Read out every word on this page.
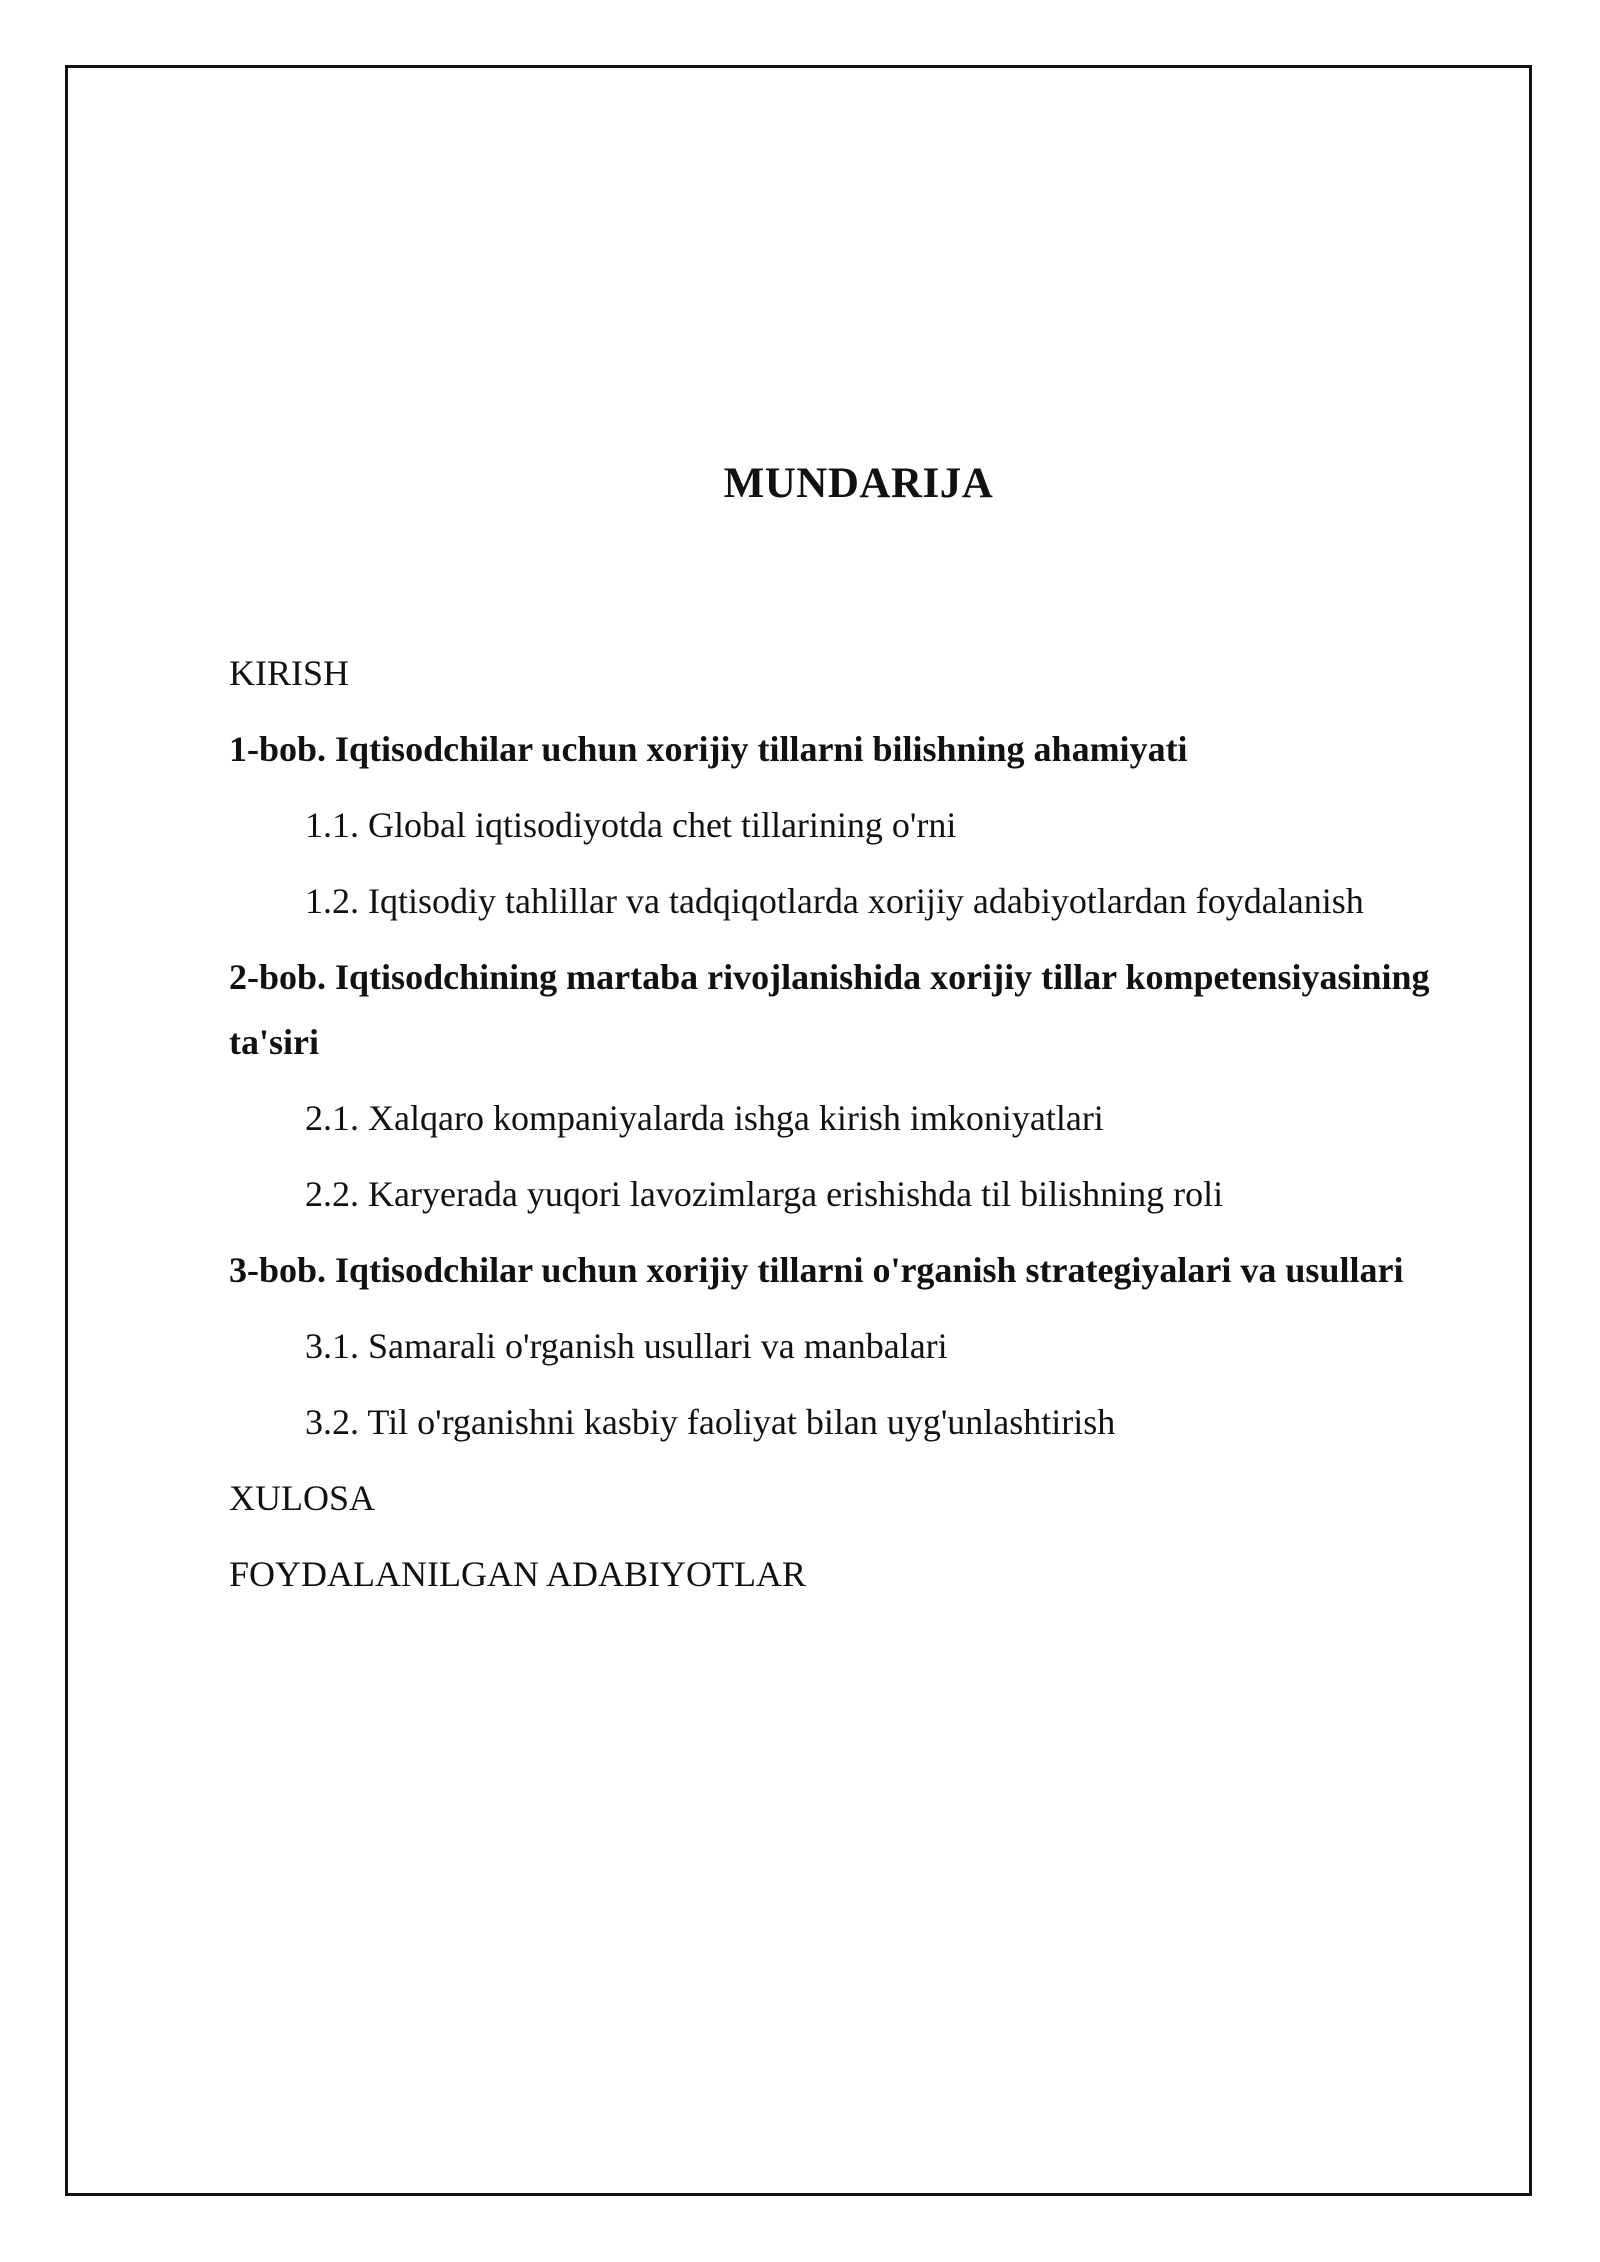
MUNDARIJA
KIRISH
1-bob. Iqtisodchilar uchun xorijiy tillarni bilishning ahamiyati
1.1. Global iqtisodiyotda chet tillarining o'rni
1.2. Iqtisodiy tahlillar va tadqiqotlarda xorijiy adabiyotlardan foydalanish
2-bob. Iqtisodchining martaba rivojlanishida xorijiy tillar kompetensiyasining ta'siri
2.1. Xalqaro kompaniyalarda ishga kirish imkoniyatlari
2.2. Karyerada yuqori lavozimlarga erishishda til bilishning roli
3-bob. Iqtisodchilar uchun xorijiy tillarni o'rganish strategiyalari va usullari
3.1. Samarali o'rganish usullari va manbalari
3.2. Til o'rganishni kasbiy faoliyat bilan uyg'unlashtirish
XULOSA
FOYDALANILGAN ADABIYOTLAR
